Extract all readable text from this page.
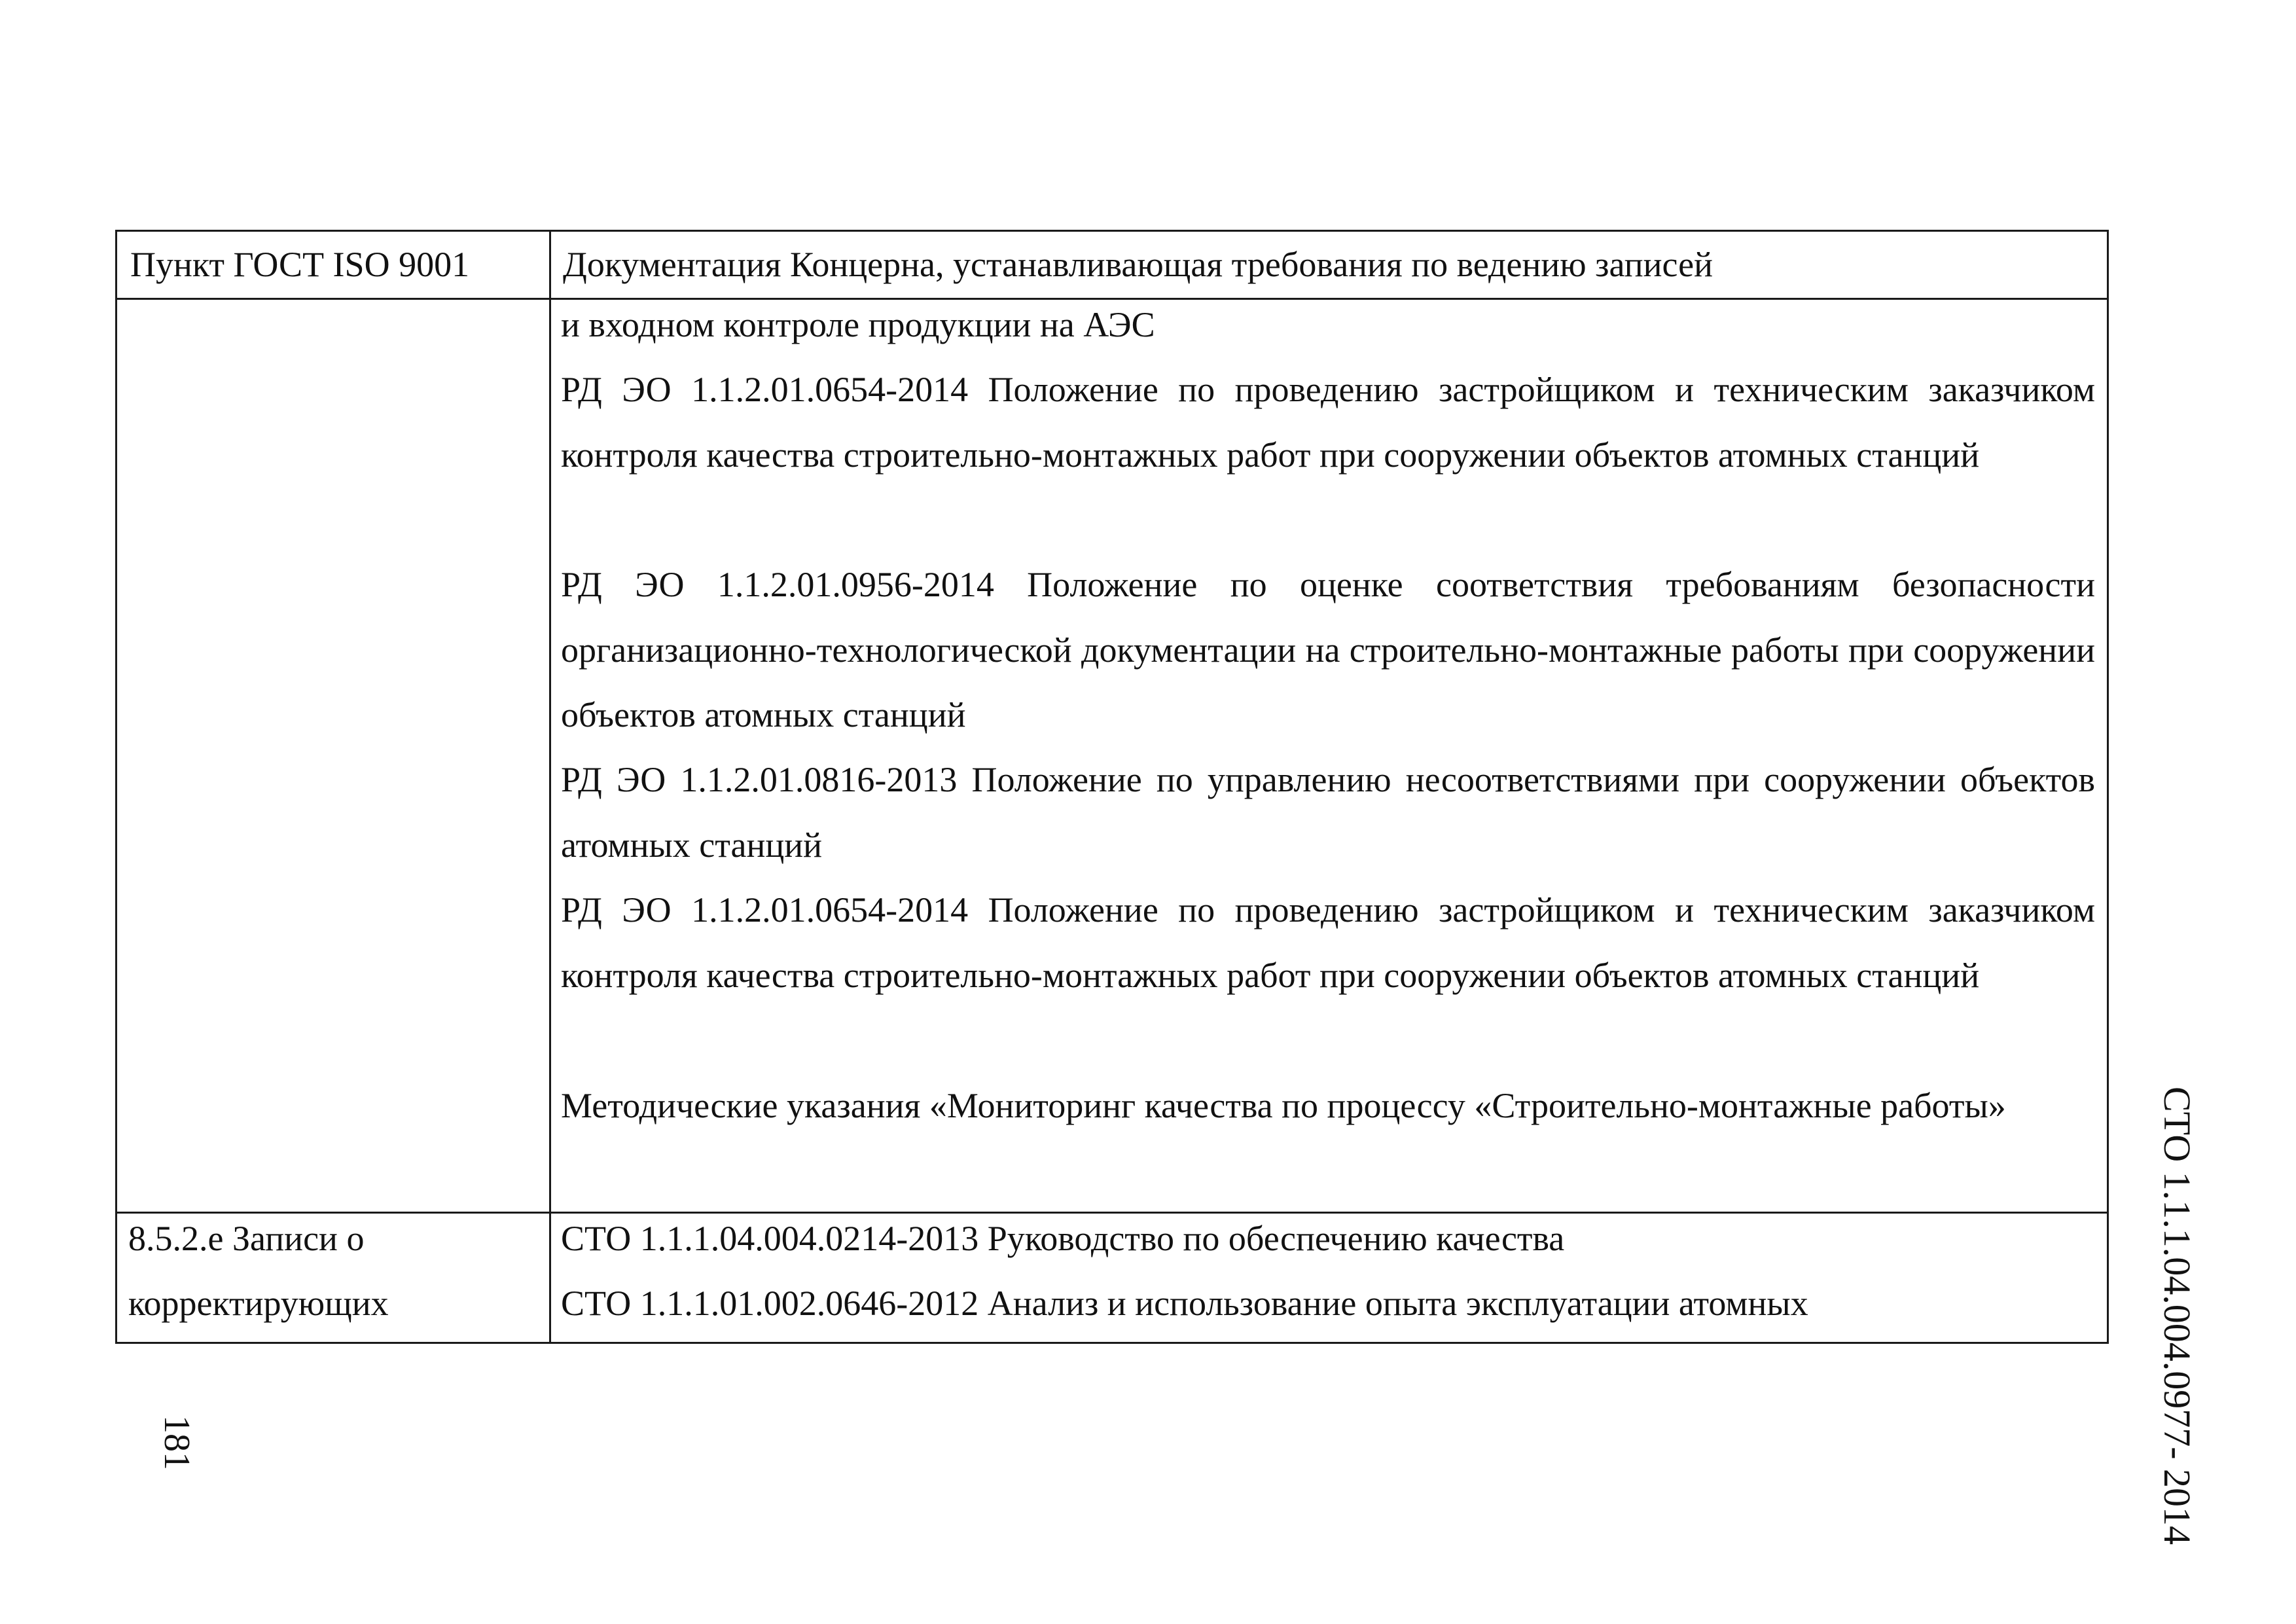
Пункт ГОСТ ISO 9001	Документация Концерна, устанавливающая требования по ведению записей

и входном контроле продукции на АЭС

РД ЭО 1.1.2.01.0654-2014 Положение по проведению застройщиком и техническим заказчиком контроля качества строительно-монтажных работ при сооружении объектов атомных станций

РД ЭО 1.1.2.01.0956-2014 Положение по оценке соответствия требованиям безопасности организационно-технологической документации на строительно-монтажные работы при сооружении объектов атомных станций

РД ЭО 1.1.2.01.0816-2013 Положение по управлению несоответствиями при сооружении объектов атомных станций

РД ЭО 1.1.2.01.0654-2014 Положение по проведению застройщиком и техническим заказчиком контроля качества строительно-монтажных работ при сооружении объектов атомных станций

Методические указания «Мониторинг качества по процессу «Строительно-монтажные работы»

8.5.2.е Записи о
корректирующих
СТО 1.1.1.04.004.0214-2013 Руководство по обеспечению качества
СТО 1.1.1.01.002.0646-2012 Анализ и использование опыта эксплуатации атомных	СТО 1.1.1.04.004.0977- 2014
181
